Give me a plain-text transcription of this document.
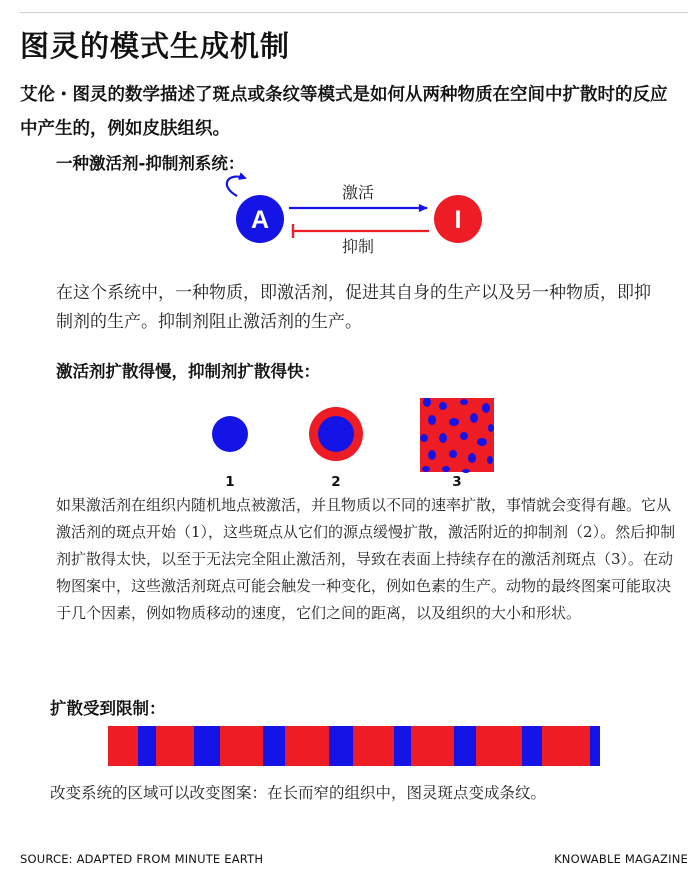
图灵的模式生成机制
艾伦・图灵的数学描述了斑点或条纹等模式是如何从两种物质在空间中扩散时的反应中产生的，例如皮肤组织。
一种激活剂-抑制剂系统：
A	I
激活
抑制
在这个系统中，一种物质，即激活剂，促进其自身的生产以及另一种物质，即抑制剂的生产。抑制剂阻止激活剂的生产。
激活剂扩散得慢，抑制剂扩散得快：
1	2	3
如果激活剂在组织内随机地点被激活，并且物质以不同的速率扩散，事情就会变得有趣。它从激活剂的斑点开始（1），这些斑点从它们的源点缓慢扩散，激活附近的抑制剂（2）。然后抑制剂扩散得太快，以至于无法完全阻止激活剂，导致在表面上持续存在的激活剂斑点（3）。在动物图案中，这些激活剂斑点可能会触发一种变化，例如色素的生产。动物的最终图案可能取决于几个因素，例如物质移动的速度，它们之间的距离，以及组织的大小和形状。
扩散受到限制：
改变系统的区域可以改变图案：在长而窄的组织中，图灵斑点变成条纹。
SOURCE: ADAPTED FROM MINUTE EARTH	KNOWABLE MAGAZINE
